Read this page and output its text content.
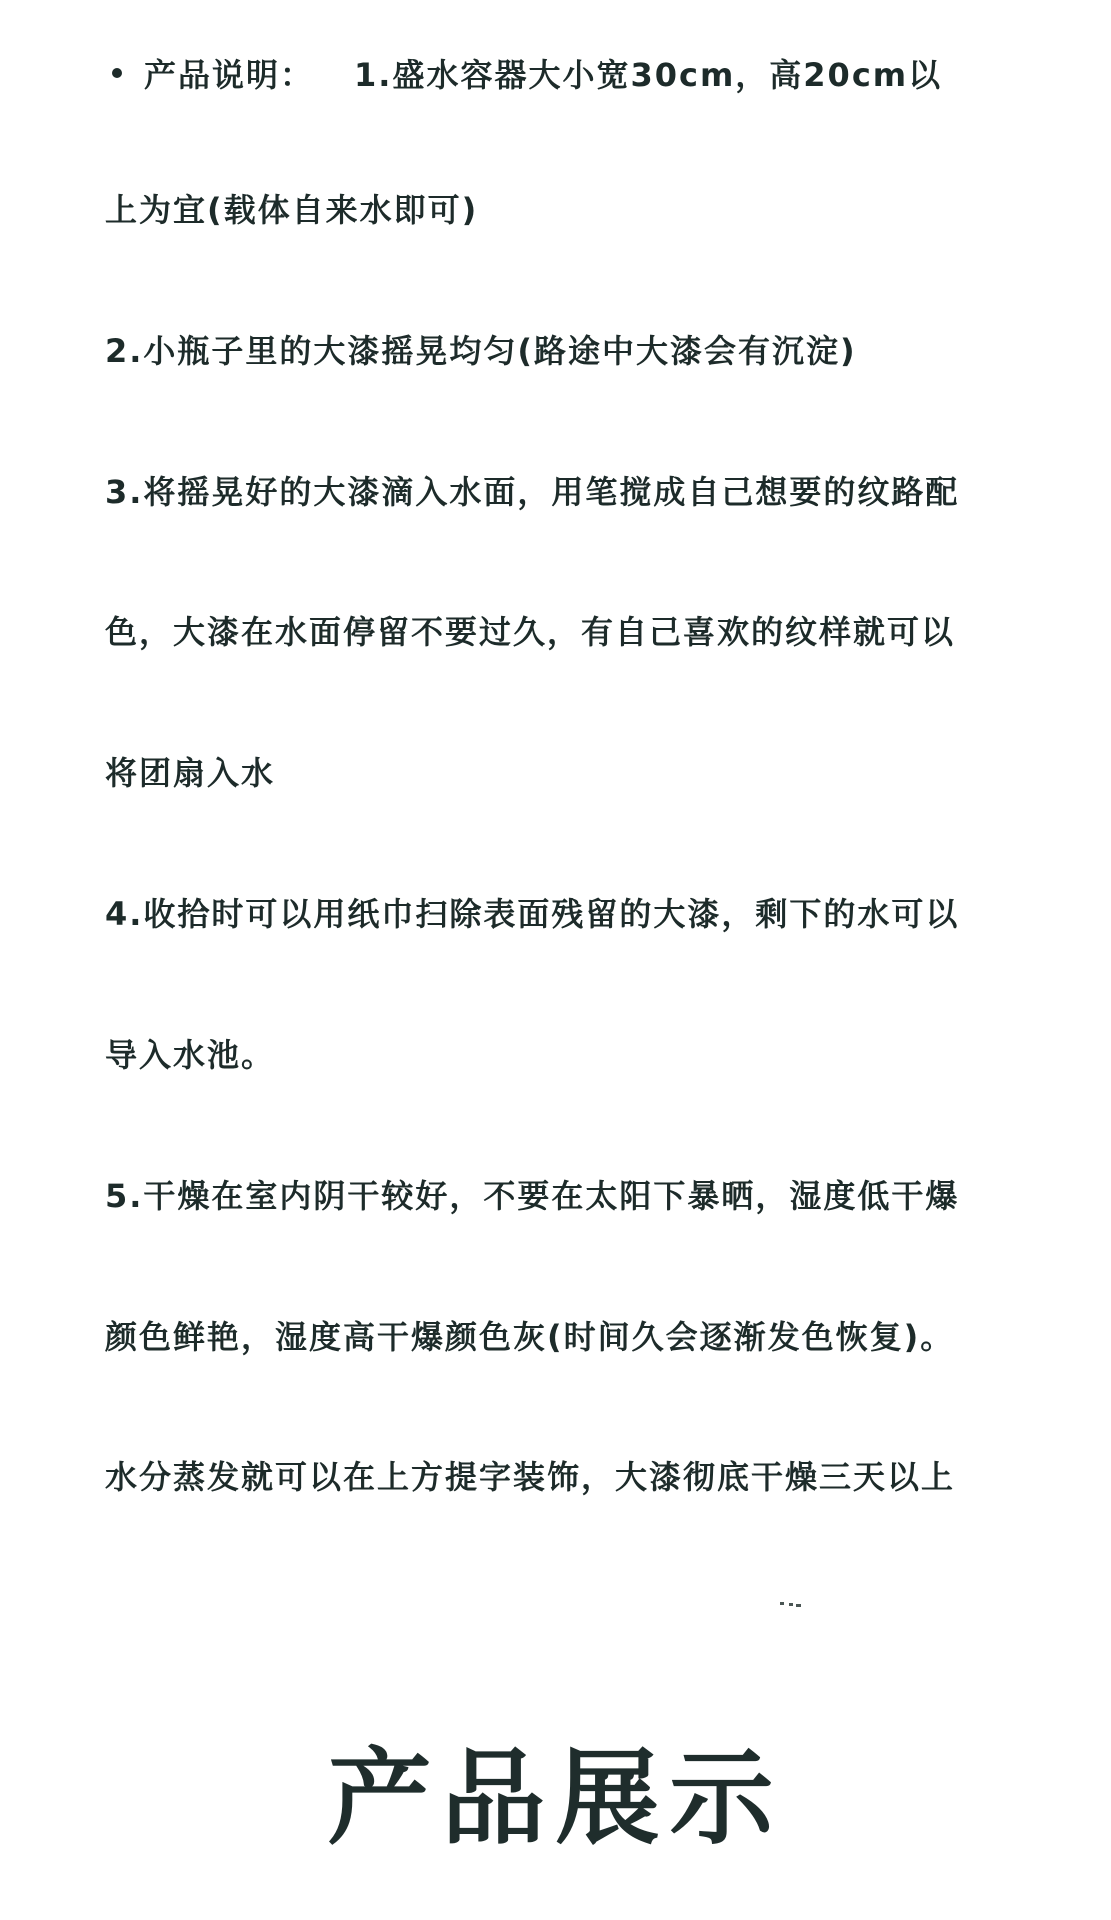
产品说明： 1.盛水容器大小宽30cm，高20cm以
上为宜(载体自来水即可)
2.小瓶子里的大漆摇晃均匀(路途中大漆会有沉淀)
3.将摇晃好的大漆滴入水面，用笔搅成自己想要的纹路配
色，大漆在水面停留不要过久，有自己喜欢的纹样就可以
将团扇入水
4.收拾时可以用纸巾扫除表面残留的大漆，剩下的水可以
导入水池。
5.干燥在室内阴干较好，不要在太阳下暴晒，湿度低干爆
颜色鲜艳，湿度高干爆颜色灰(时间久会逐渐发色恢复)。
水分蒸发就可以在上方提字装饰，大漆彻底干燥三天以上
产品展示
